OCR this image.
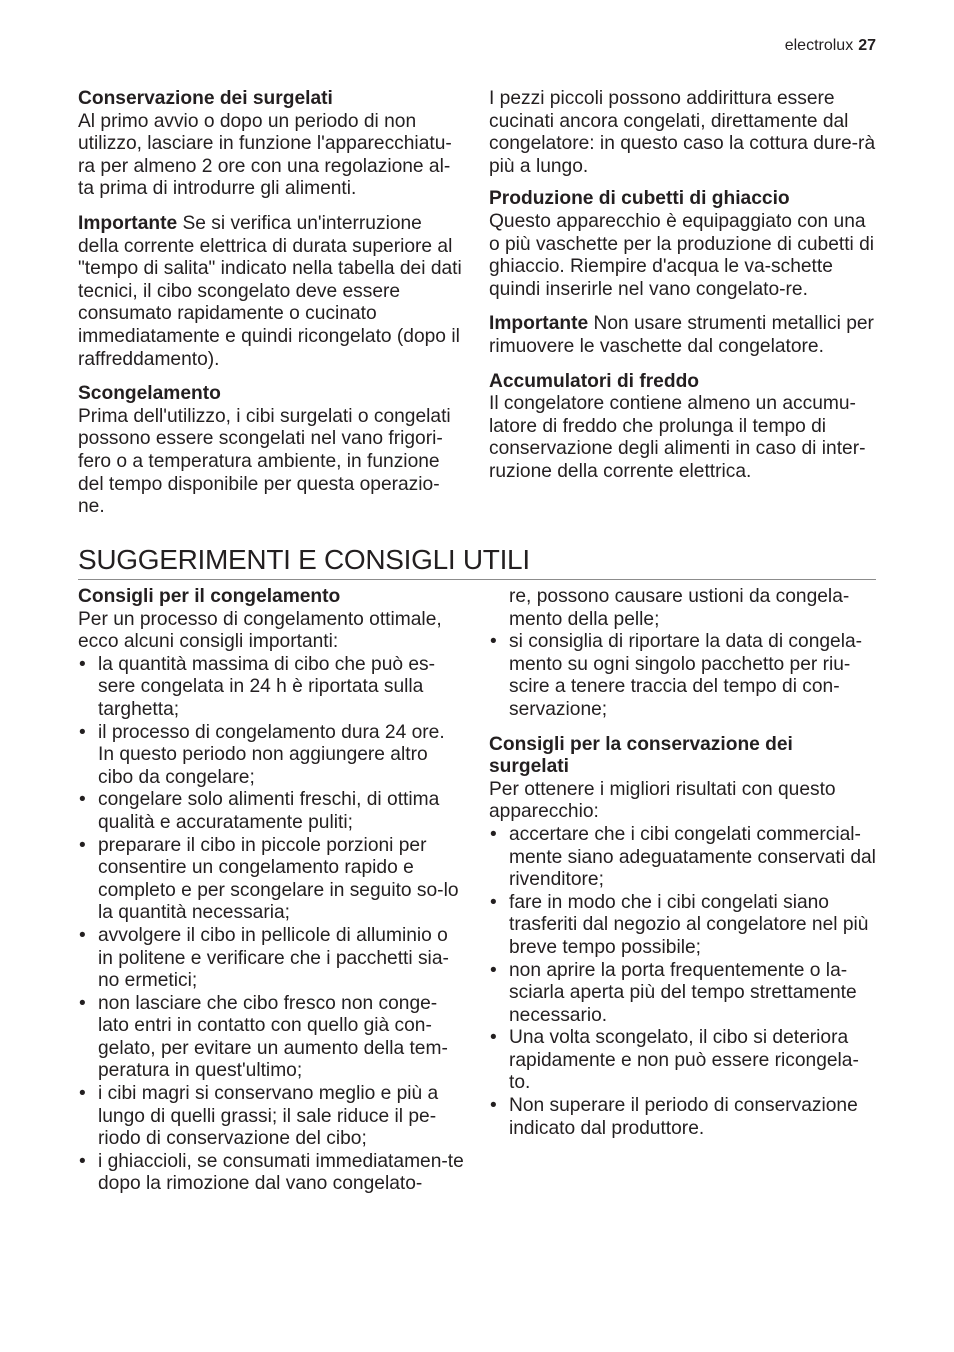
electrolux 27
Conservazione dei surgelati

Al primo avvio o dopo un periodo di non utilizzo, lasciare in funzione l'apparecchiatu-ra per almeno 2 ore con una regolazione al-ta prima di introdurre gli alimenti.

Importante Se si verifica un'interruzione della corrente elettrica di durata superiore al "tempo di salita" indicato nella tabella dei dati tecnici, il cibo scongelato deve essere consumato rapidamente o cucinato immediatamente e quindi ricongelato (dopo il raffreddamento).

Scongelamento

Prima dell'utilizzo, i cibi surgelati o congelati possono essere scongelati nel vano frigori-fero o a temperatura ambiente, in funzione del tempo disponibile per questa operazio-ne.

I pezzi piccoli possono addirittura essere cucinati ancora congelati, direttamente dal congelatore: in questo caso la cottura dure-rà più a lungo.

Produzione di cubetti di ghiaccio

Questo apparecchio è equipaggiato con una o più vaschette per la produzione di cubetti di ghiaccio. Riempire d'acqua le va-schette quindi inserirle nel vano congelato-re.

Importante Non usare strumenti metallici per rimuovere le vaschette dal congelatore.

Accumulatori di freddo

Il congelatore contiene almeno un accumu-latore di freddo che prolunga il tempo di conservazione degli alimenti in caso di inter-ruzione della corrente elettrica.

SUGGERIMENTI E CONSIGLI UTILI
Consigli per il congelamento

Per un processo di congelamento ottimale, ecco alcuni consigli importanti:

• la quantità massima di cibo che può es-sere congelata in 24 h è riportata sulla targhetta;
• il processo di congelamento dura 24 ore. In questo periodo non aggiungere altro cibo da congelare;
• congelare solo alimenti freschi, di ottima qualità e accuratamente puliti;
• preparare il cibo in piccole porzioni per consentire un congelamento rapido e completo e per scongelare in seguito so-lo la quantità necessaria;
• avvolgere il cibo in pellicole di alluminio o in politene e verificare che i pacchetti sia-no ermetici;
• non lasciare che cibo fresco non conge-lato entri in contatto con quello già con-gelato, per evitare un aumento della tem-peratura in quest'ultimo;
• i cibi magri si conservano meglio e più a lungo di quelli grassi; il sale riduce il pe-riodo di conservazione del cibo;
• i ghiaccioli, se consumati immediatamen-te dopo la rimozione dal vano congelato-
re, possono causare ustioni da congela-mento della pelle;
• si consiglia di riportare la data di congela-mento su ogni singolo pacchetto per riu-scire a tenere traccia del tempo di con-servazione;
Consigli per la conservazione dei surgelati

Per ottenere i migliori risultati con questo apparecchio:

• accertare che i cibi congelati commercial-mente siano adeguatamente conservati dal rivenditore;
• fare in modo che i cibi congelati siano trasferiti dal negozio al congelatore nel più breve tempo possibile;
• non aprire la porta frequentemente o la-sciarla aperta più del tempo strettamente necessario.
• Una volta scongelato, il cibo si deteriora rapidamente e non può essere ricongela-to.
• Non superare il periodo di conservazione indicato dal produttore.
